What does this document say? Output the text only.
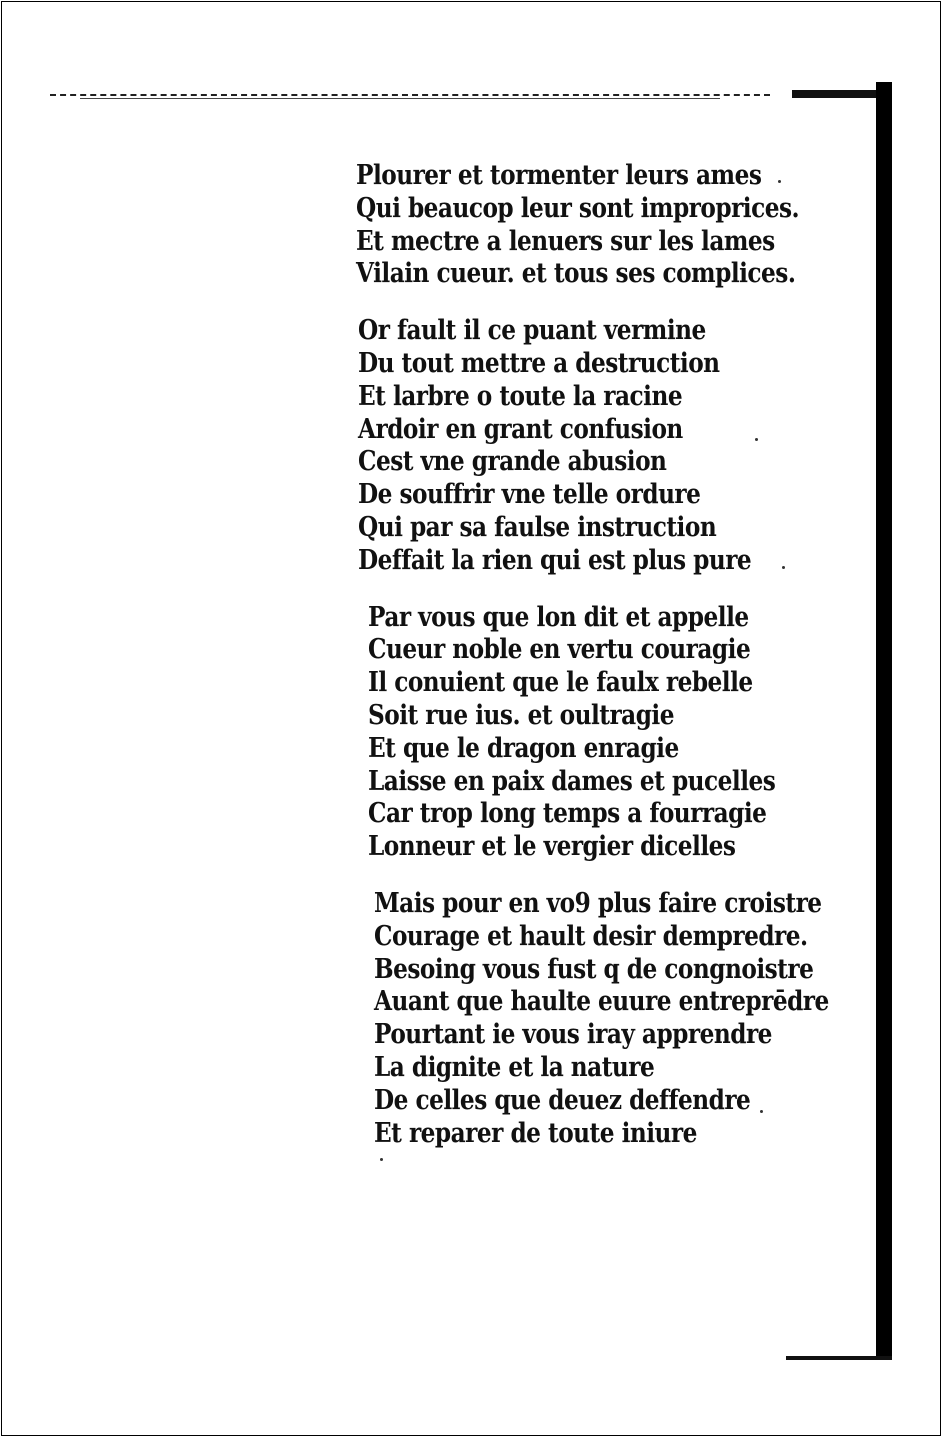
Plourer et tormenter leurs ames
Qui beaucop leur sont improprices.
Et mectre a lenuers sur les lames
Vilain cueur. et tous ses complices.
Or fault il ce puant vermine
Du tout mettre a destruction
Et larbre o toute la racine
Ardoir en grant confusion
Cest vne grande abusion
De souffrir vne telle ordure
Qui par sa faulse instruction
Deffait la rien qui est plus pure
Par vous que lon dit et appelle
Cueur noble en vertu couragie
Il conuient que le faulx rebelle
Soit rue ius. et oultragie
Et que le dragon enragie
Laisse en paix dames et pucelles
Car trop long temps a fourragie
Lonneur et le vergier dicelles
Mais pour en vo9 plus faire croistre
Courage et hault desir dempredre.
Besoing vous fust q de congnoistre
Auant que haulte euure entreprēdre
Pourtant ie vous iray apprendre
La dignite et la nature
De celles que deuez deffendre
Et reparer de toute iniure
